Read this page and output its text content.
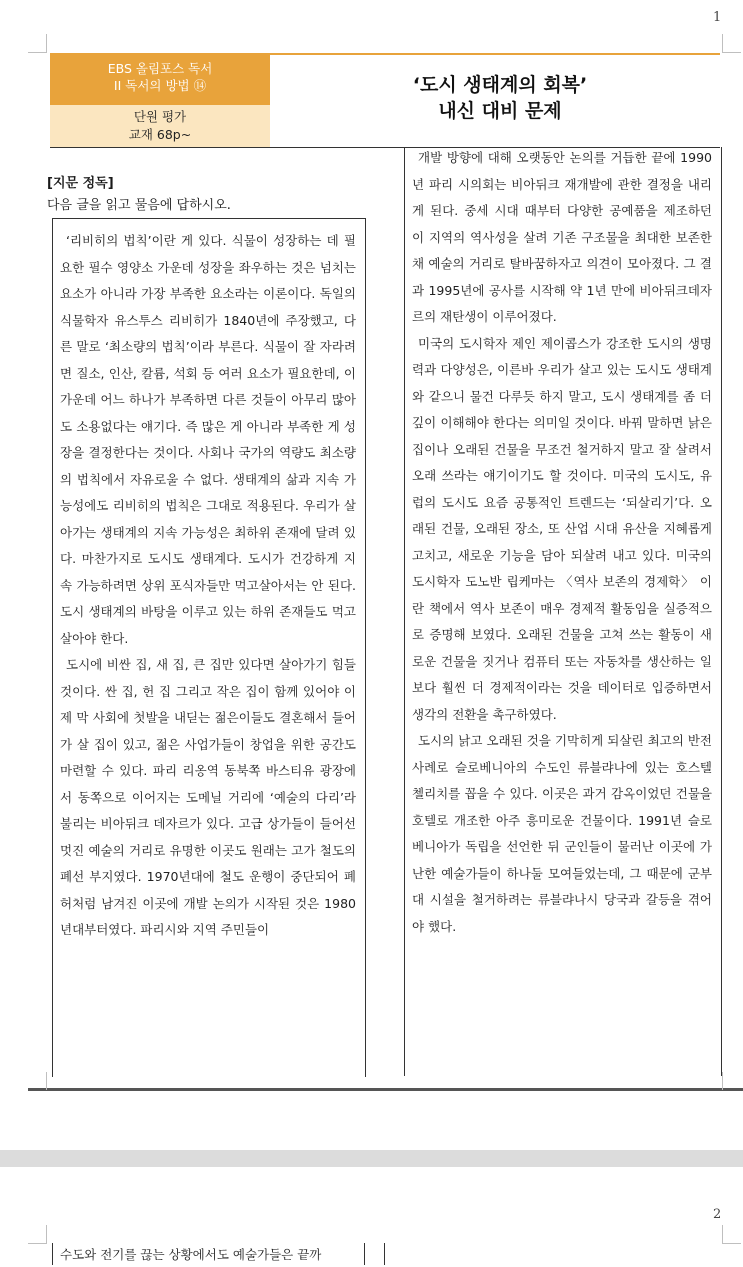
1
EBS 올림포스 독서
II 독서의 방법 ⑭
단원 평가
교재 68p~
‘도시 생태계의 회복’
내신 대비 문제
[지문 정독]
다음 글을 읽고 물음에 답하시오.

‘리비히의 법칙’이란 게 있다. 식물이 성장하는 데 필요한 필수 영양소 가운데 성장을 좌우하는 것은 넘치는 요소가 아니라 가장 부족한 요소라는 이론이다. 독일의 식물학자 유스투스 리비히가 1840년에 주장했고, 다른 말로 ‘최소량의 법칙’이라 부른다. 식물이 잘 자라려면 질소, 인산, 칼륨, 석회 등 여러 요소가 필요한데, 이 가운데 어느 하나가 부족하면 다른 것들이 아무리 많아도 소용없다는 얘기다. 즉 많은 게 아니라 부족한 게 성장을 결정한다는 것이다. 사회나 국가의 역량도 최소량의 법칙에서 자유로울 수 없다. 생태계의 삶과 지속 가능성에도 리비히의 법칙은 그대로 적용된다. 우리가 살아가는 생태계의 지속 가능성은 최하위 존재에 달려 있다. 마찬가지로 도시도 생태계다. 도시가 건강하게 지속 가능하려면 상위 포식자들만 먹고살아서는 안 된다. 도시 생태계의 바탕을 이루고 있는 하위 존재들도 먹고살아야 한다.

도시에 비싼 집, 새 집, 큰 집만 있다면 살아가기 힘들 것이다. 싼 집, 헌 집 그리고 작은 집이 함께 있어야 이제 막 사회에 첫발을 내딛는 젊은이들도 결혼해서 들어가 살 집이 있고, 젊은 사업가들이 창업을 위한 공간도 마련할 수 있다. 파리 리옹역 동북쪽 바스티유 광장에서 동쪽으로 이어지는 도메닐 거리에 ‘예술의 다리’라 불리는 비아뒤크 데자르가 있다. 고급 상가들이 들어선 멋진 예술의 거리로 유명한 이곳도 원래는 고가 철도의 폐선 부지였다. 1970년대에 철도 운행이 중단되어 폐허처럼 남겨진 이곳에 개발 논의가 시작된 것은 1980년대부터였다. 파리시와 지역 주민들이

개발 방향에 대해 오랫동안 논의를 거듭한 끝에 1990년 파리 시의회는 비아뒤크 재개발에 관한 결정을 내리게 된다. 중세 시대 때부터 다양한 공예품을 제조하던 이 지역의 역사성을 살려 기존 구조물을 최대한 보존한 채 예술의 거리로 탈바꿈하자고 의견이 모아졌다. 그 결과 1995년에 공사를 시작해 약 1년 만에 비아뒤크데자르의 재탄생이 이루어졌다.

미국의 도시학자 제인 제이콥스가 강조한 도시의 생명력과 다양성은, 이른바 우리가 살고 있는 도시도 생태계와 같으니 물건 다루듯 하지 말고, 도시 생태계를 좀 더 깊이 이해해야 한다는 의미일 것이다. 바꿔 말하면 낡은 집이나 오래된 건물을 무조건 철거하지 말고 잘 살려서 오래 쓰라는 얘기이기도 할 것이다. 미국의 도시도, 유럽의 도시도 요즘 공통적인 트렌드는 ‘되살리기’다. 오래된 건물, 오래된 장소, 또 산업 시대 유산을 지혜롭게 고치고, 새로운 기능을 담아 되살려 내고 있다. 미국의 도시학자 도노반 립케마는 〈역사 보존의 경제학〉 이란 책에서 역사 보존이 매우 경제적 활동임을 실증적으로 증명해 보였다. 오래된 건물을 고쳐 쓰는 활동이 새로운 건물을 짓거나 컴퓨터 또는 자동차를 생산하는 일보다 훨씬 더 경제적이라는 것을 데이터로 입증하면서 생각의 전환을 촉구하였다.

도시의 낡고 오래된 것을 기막히게 되살린 최고의 반전 사례로 슬로베니아의 수도인 류블랴나에 있는 호스텔 첼리치를 꼽을 수 있다. 이곳은 과거 감옥이었던 건물을 호텔로 개조한 아주 흥미로운 건물이다. 1991년 슬로베니아가 독립을 선언한 뒤 군인들이 물러난 이곳에 가난한 예술가들이 하나둘 모여들었는데, 그 때문에 군부대 시설을 철거하려는 류블랴나시 당국과 갈등을 겪어야 했다.

2
수도와 전기를 끊는 상황에서도 예술가들은 끝까
